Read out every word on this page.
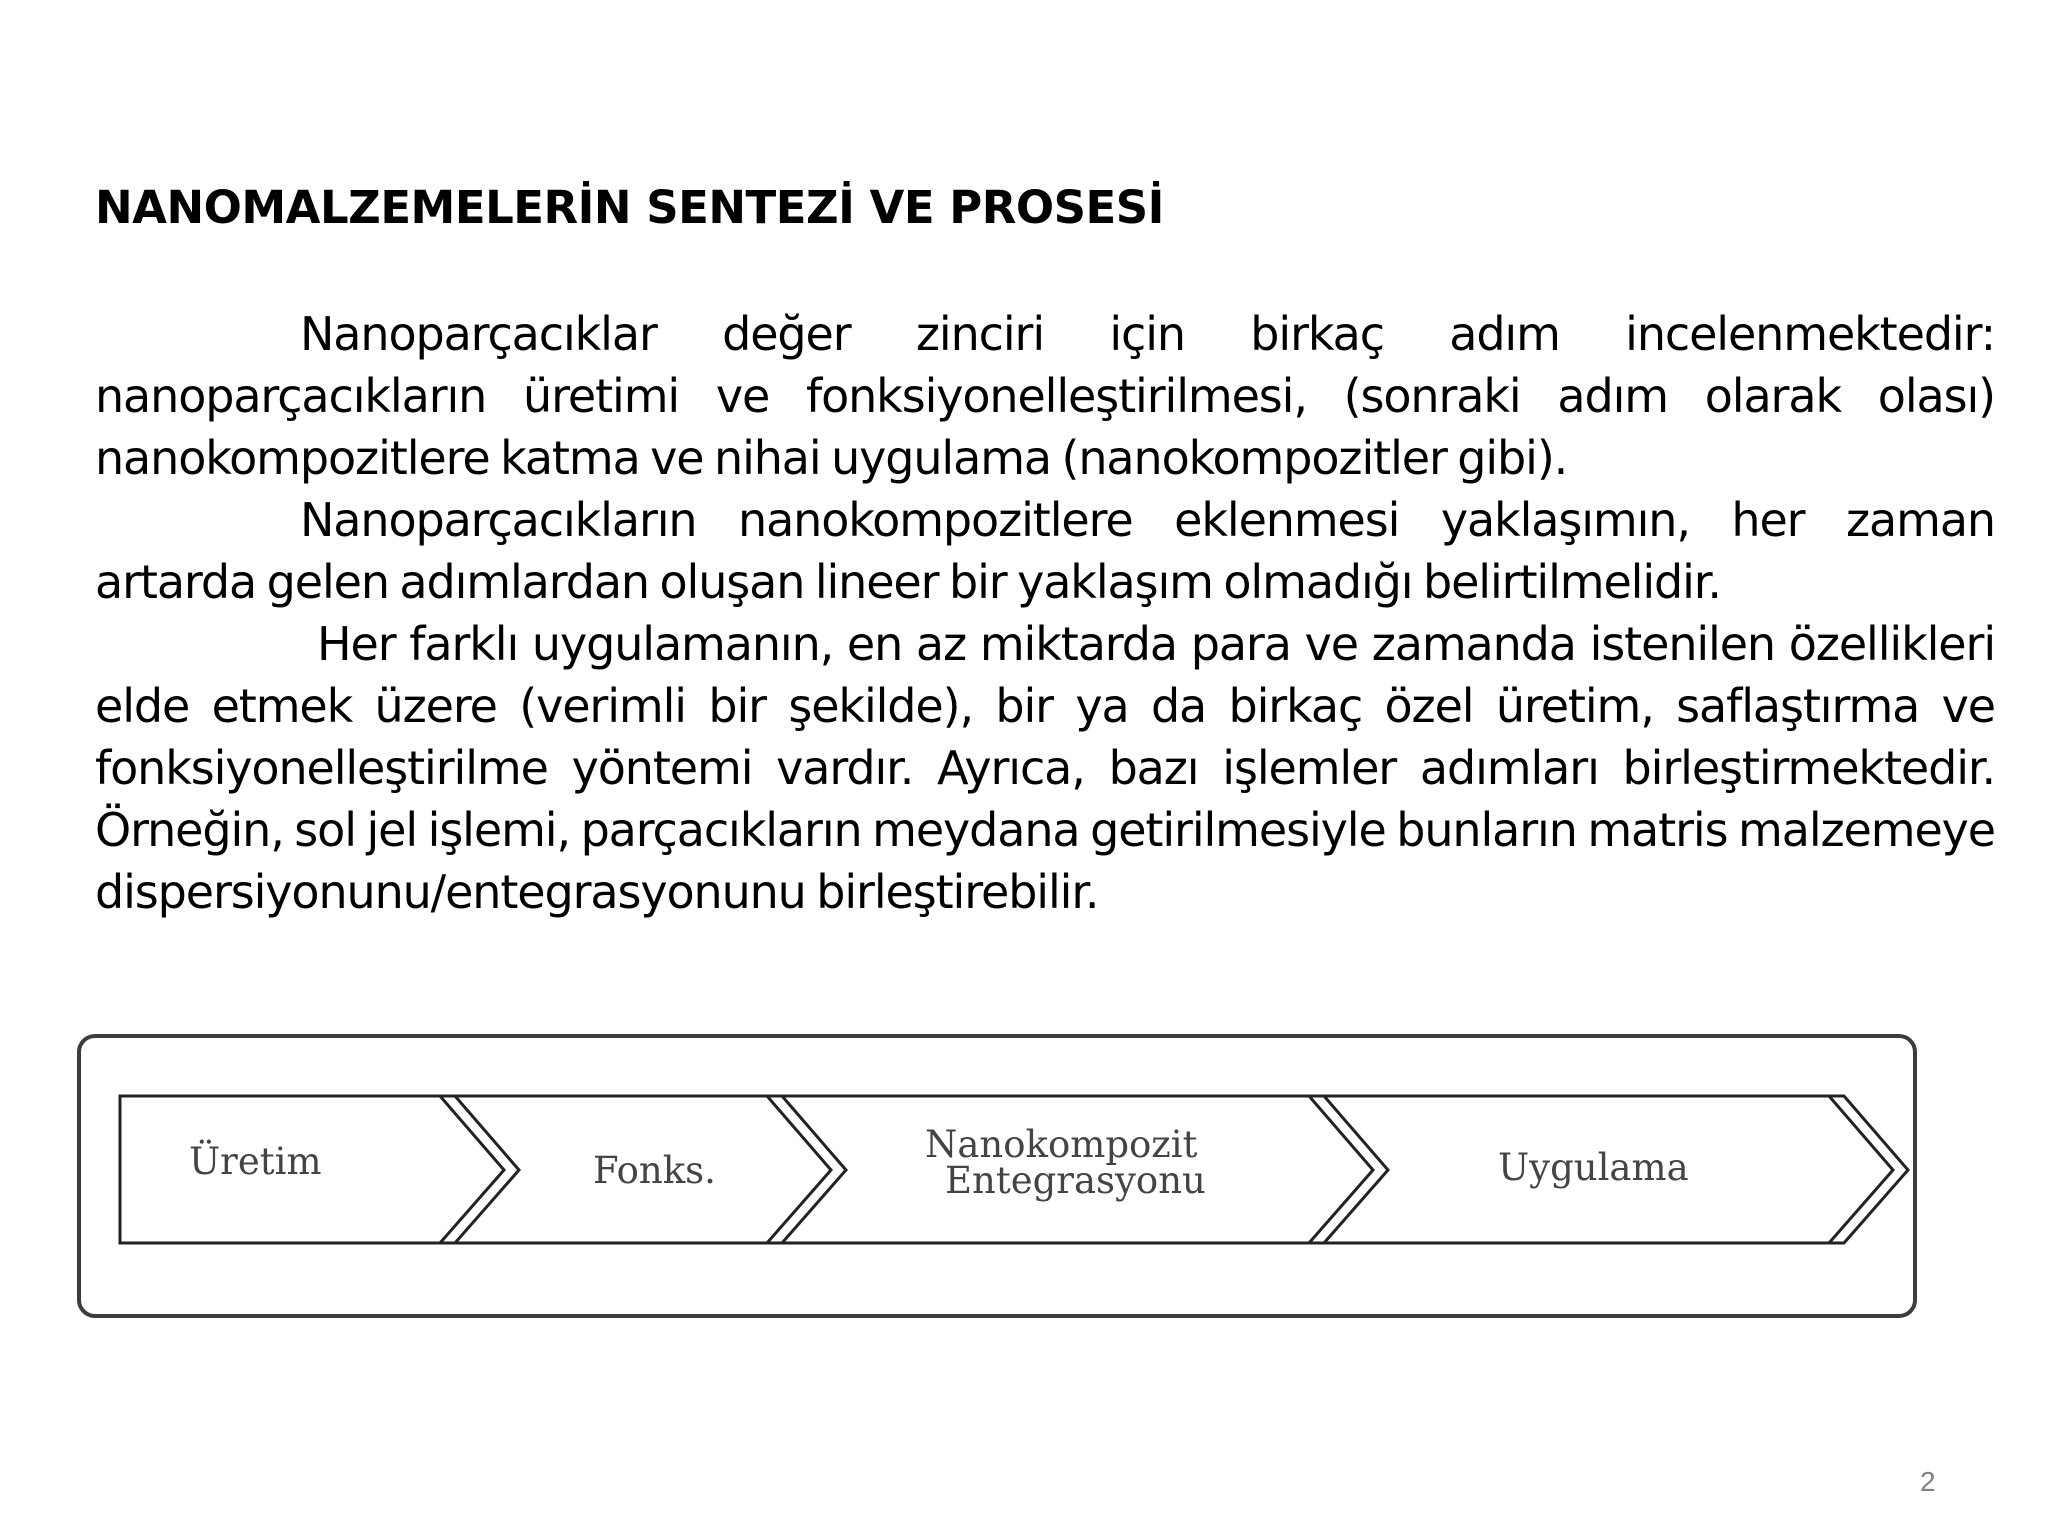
NANOMALZEMELERİN SENTEZİ VE PROSESİ

Nanoparçacıklar değer zinciri için birkaç adım incelenmektedir: nanoparçacıkların üretimi ve fonksiyonelleştirilmesi, (sonraki adım olarak olası) nanokompozitlere katma ve nihai uygulama (nanokompozitler gibi).

Nanoparçacıkların nanokompozitlere eklenmesi yaklaşımın, her zaman artarda gelen adımlardan oluşan lineer bir yaklaşım olmadığı belirtilmelidir.

Her farklı uygulamanın, en az miktarda para ve zamanda istenilen özellikleri elde etmek üzere (verimli bir şekilde), bir ya da birkaç özel üretim, saflaştırma ve fonksiyonelleştirilme yöntemi vardır. Ayrıca, bazı işlemler adımları birleştirmektedir. Örneğin, sol jel işlemi, parçacıkların meydana getirilmesiyle bunların matris malzemeye dispersiyonunu/entegrasyonunu birleştirebilir.

Üretim	Fonks.
Nanokompozit
Entegrasyonu	Uygulama
2
